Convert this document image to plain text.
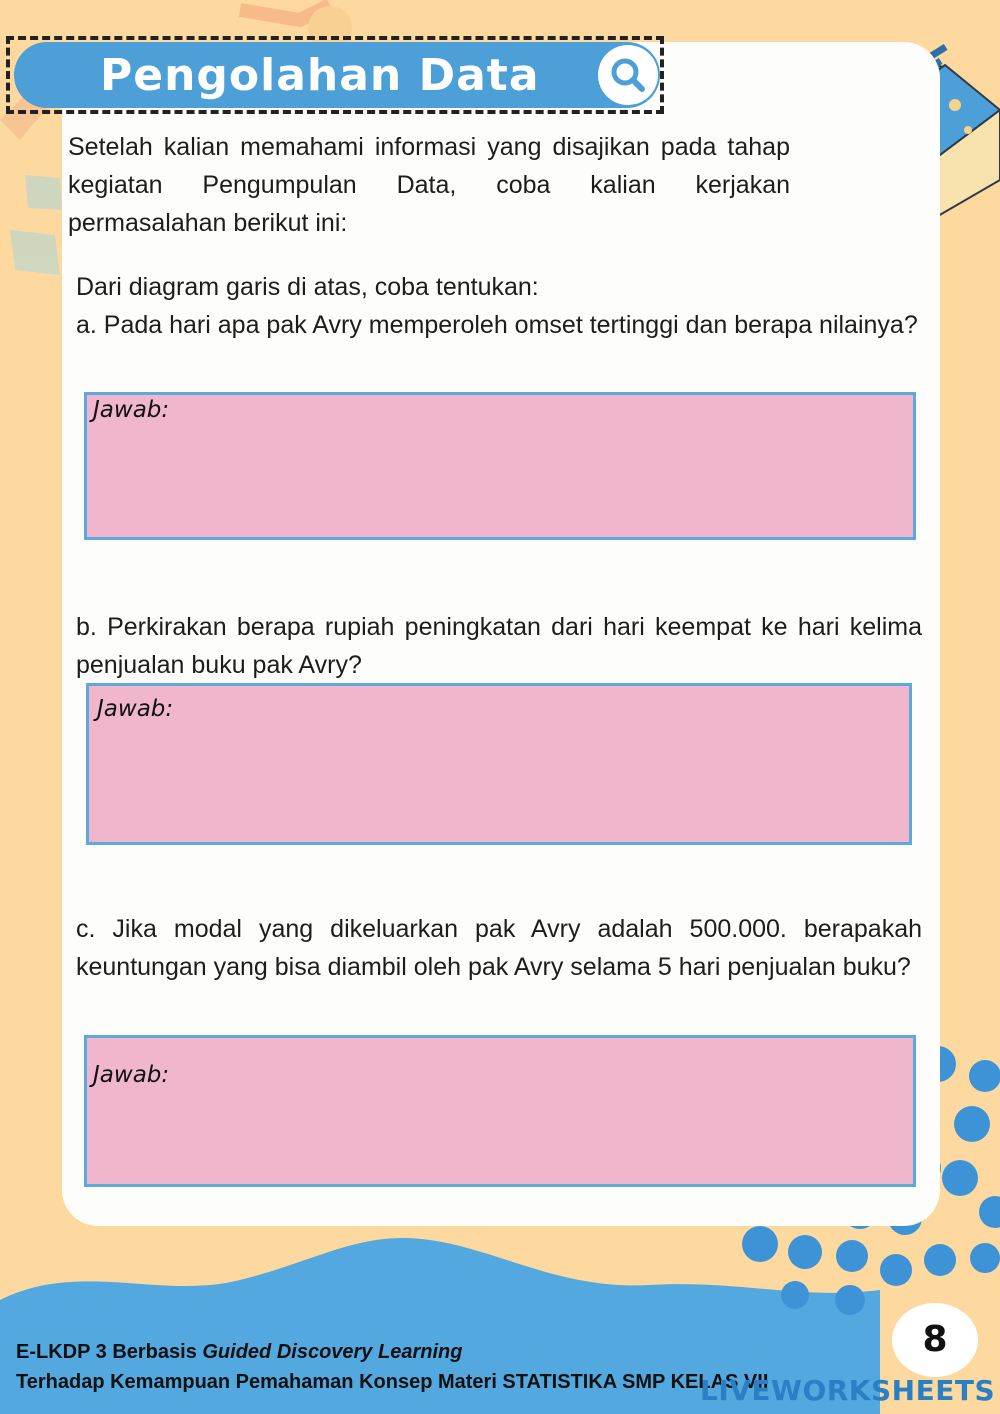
Pengolahan Data
Setelah kalian memahami informasi yang disajikan pada tahap kegiatan Pengumpulan Data, coba kalian kerjakan permasalahan berikut ini:
Dari diagram garis di atas, coba tentukan:
a. Pada hari apa pak Avry memperoleh omset tertinggi dan berapa nilainya?
Jawab:
b. Perkirakan berapa rupiah peningkatan dari hari keempat ke hari kelima penjualan buku pak Avry?
Jawab:
c. Jika modal yang dikeluarkan pak Avry adalah 500.000. berapakah keuntungan yang bisa diambil oleh pak Avry selama 5 hari penjualan buku?
Jawab:
E-LKDP 3 Berbasis Guided Discovery Learning
Terhadap Kemampuan Pemahaman Konsep Materi STATISTIKA SMP KELAS VII
8
LIVEWORKSHEETS
